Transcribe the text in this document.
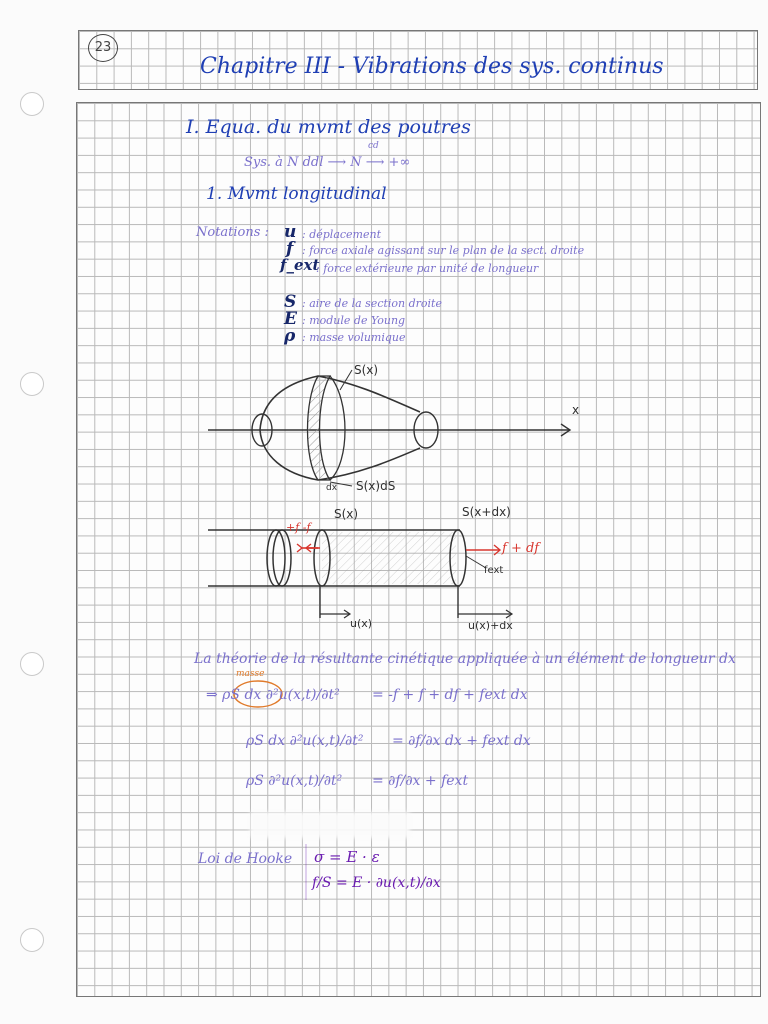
23
Chapitre III - Vibrations des sys. continus
I. Equa. du mvmt des poutres
Sys. à N ddl ⟶ N ⟶ +∞
cd
1. Mvmt longitudinal
Notations : u : déplacement
f : force axiale agissant sur le plan de la sect. droite
f_ext
: force extérieure par unité de longueur
S : aire de la section droite
E : module de Young
ρ : masse volumique
S(x)
S(x)dS
x
dx
+f -f
S(x)	S(x+dx)
f + df
fext
u(x)	u(x)+dx
La théorie de la résultante cinétique appliquée à un élément de longueur dx
masse
⇒ ρS dx ∂²u(x,t)/∂t² = -f + f + df + fext dx
ρS dx ∂²u(x,t)/∂t² = ∂f/∂x dx + fext dx
ρS ∂²u(x,t)/∂t² = ∂f/∂x + fext
Loi de Hooke σ = E · ε
f/S = E · ∂u(x,t)/∂x
